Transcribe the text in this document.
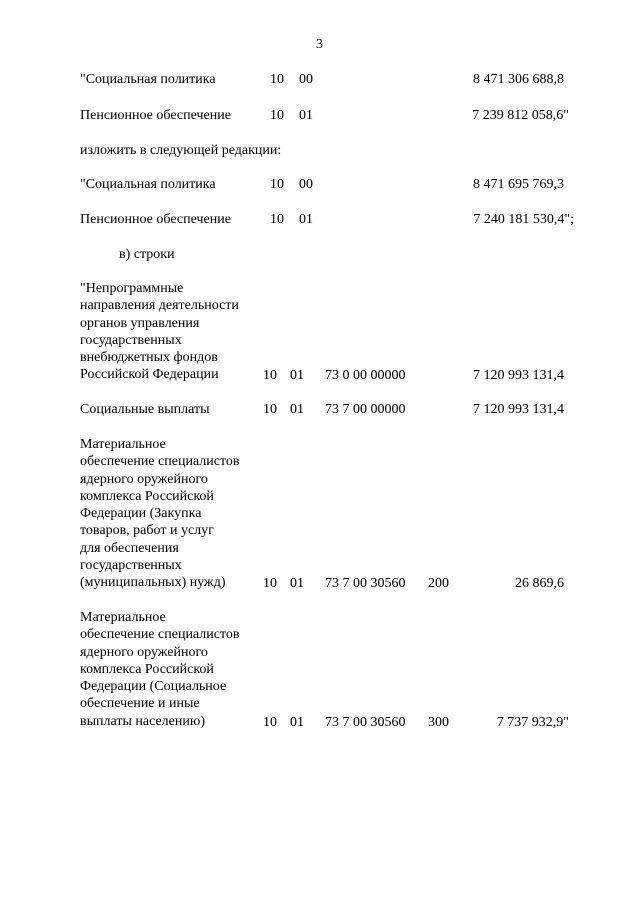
3
"Социальная политика	10 00	8 471 306 688,8
Пенсионное обеспечение	10 01	7 239 812 058,6"
изложить в следующей редакции:
"Социальная политика	10 00	8 471 695 769,3
Пенсионное обеспечение	10 01	7 240 181 530,4";
в) строки
"Непрограммные
направления деятельности
органов управления
государственных
внебюджетных фондов
Российской Федерации	10 01 73 0 00 00000	7 120 993 131,4
Социальные выплаты	10 01 73 7 00 00000	7 120 993 131,4
Материальное
обеспечение специалистов
ядерного оружейного
комплекса Российской
Федерации (Закупка
товаров, работ и услуг
для обеспечения
государственных
(муниципальных) нужд)	10 01 73 7 00 30560 200	26 869,6
Материальное
обеспечение специалистов
ядерного оружейного
комплекса Российской
Федерации (Социальное
обеспечение и иные
выплаты населению)	10 01 73 7 00 30560 300	7 737 932,9"
